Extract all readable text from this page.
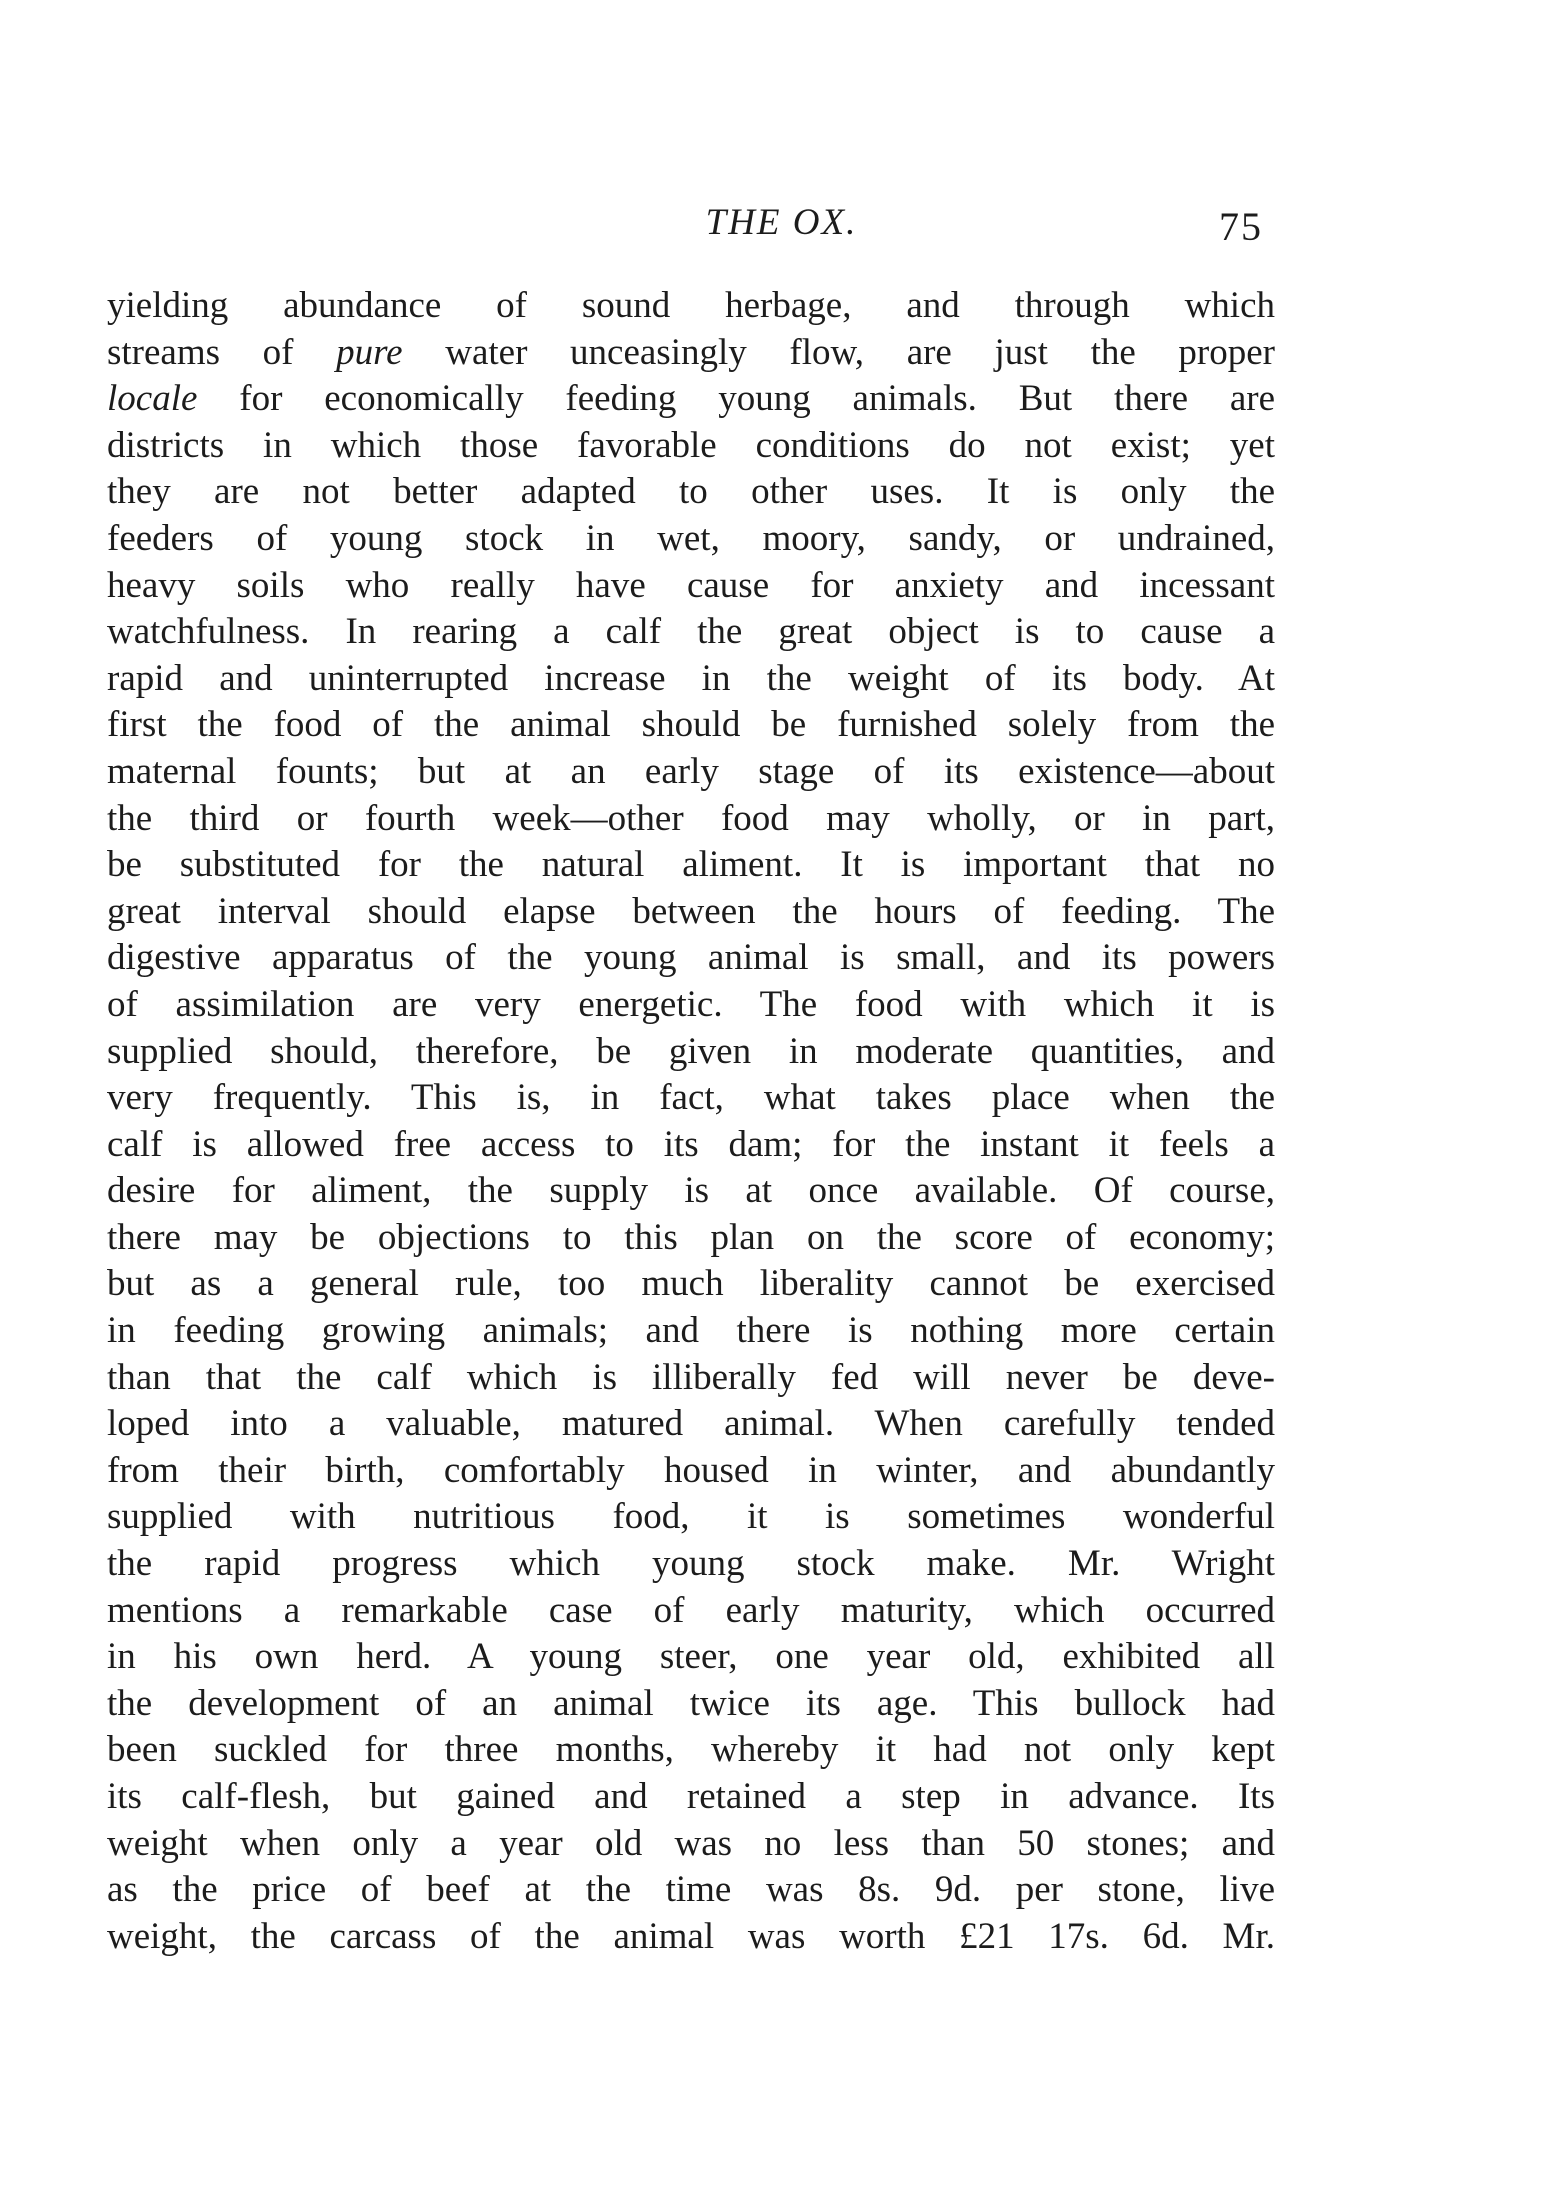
THE OX.	75
yielding abundance of sound herbage, and through which
streams of pure water unceasingly flow, are just the proper
locale for economically feeding young animals. But there are
districts in which those favorable conditions do not exist; yet
they are not better adapted to other uses. It is only the
feeders of young stock in wet, moory, sandy, or undrained,
heavy soils who really have cause for anxiety and incessant
watchfulness. In rearing a calf the great object is to cause a
rapid and uninterrupted increase in the weight of its body. At
first the food of the animal should be furnished solely from the
maternal founts; but at an early stage of its existence—about
the third or fourth week—other food may wholly, or in part,
be substituted for the natural aliment. It is important that no
great interval should elapse between the hours of feeding. The
digestive apparatus of the young animal is small, and its powers
of assimilation are very energetic. The food with which it is
supplied should, therefore, be given in moderate quantities, and
very frequently. This is, in fact, what takes place when the
calf is allowed free access to its dam; for the instant it feels a
desire for aliment, the supply is at once available. Of course,
there may be objections to this plan on the score of economy;
but as a general rule, too much liberality cannot be exercised
in feeding growing animals; and there is nothing more certain
than that the calf which is illiberally fed will never be deve-
loped into a valuable, matured animal. When carefully tended
from their birth, comfortably housed in winter, and abundantly
supplied with nutritious food, it is sometimes wonderful
the rapid progress which young stock make. Mr. Wright
mentions a remarkable case of early maturity, which occurred
in his own herd. A young steer, one year old, exhibited all
the development of an animal twice its age. This bullock had
been suckled for three months, whereby it had not only kept
its calf-flesh, but gained and retained a step in advance. Its
weight when only a year old was no less than 50 stones; and
as the price of beef at the time was 8s. 9d. per stone, live
weight, the carcass of the animal was worth £21 17s. 6d. Mr.
